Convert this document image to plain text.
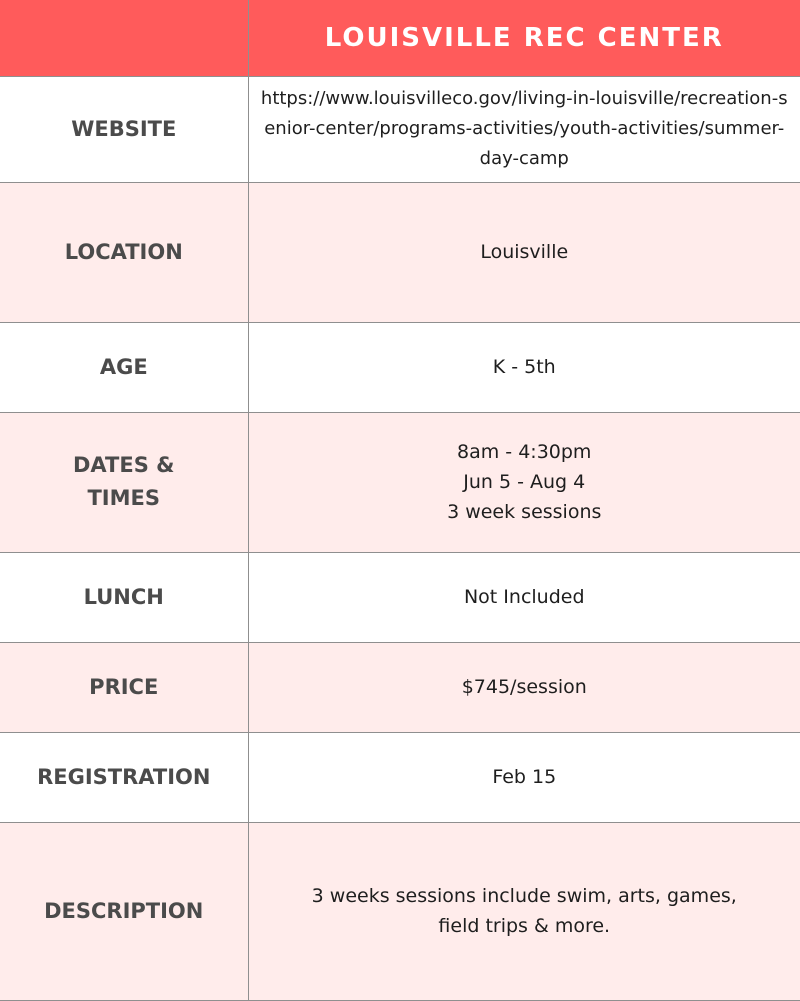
	LOUISVILLE REC CENTER
WEBSITE	https://www.louisvilleco.gov/living-in-louisville/recreation-senior-center/programs-activities/youth-activities/summer-day-camp
LOCATION	Louisville
AGE	K - 5th

DATES &
TIMES	8am - 4:30pm
Jun 5 - Aug 4
3 week sessions

LUNCH	Not Included
PRICE	$745/session
REGISTRATION	Feb 15
DESCRIPTION	3 weeks sessions include swim, arts, games,
field trips & more.
